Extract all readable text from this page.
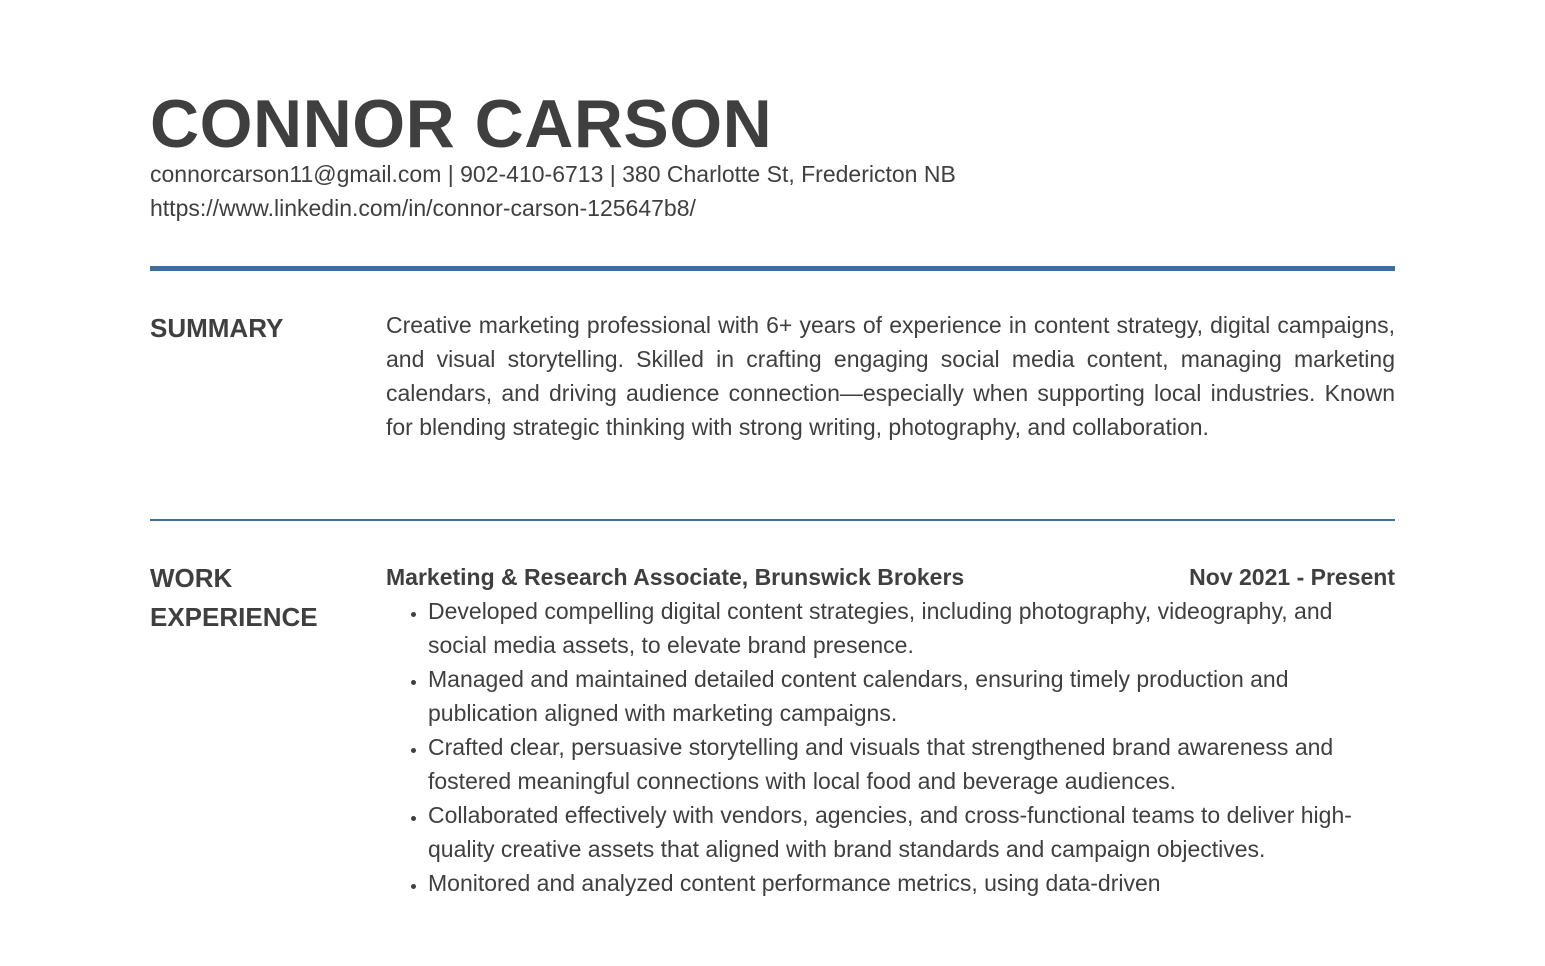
CONNOR CARSON
connorcarson11@gmail.com | 902-410-6713 | 380 Charlotte St, Fredericton NB
https://www.linkedin.com/in/connor-carson-125647b8/
SUMMARY	Creative marketing professional with 6+ years of experience in content strategy, digital campaigns, and visual storytelling. Skilled in crafting engaging social media content, managing marketing calendars, and driving audience connection—especially when supporting local industries. Known for blending strategic thinking with strong writing, photography, and collaboration.

WORK
EXPERIENCE
Marketing & Research Associate, Brunswick Brokers	Nov 2021 - Present
• Developed compelling digital content strategies, including photography, videography, and social media assets, to elevate brand presence.
• Managed and maintained detailed content calendars, ensuring timely production and publication aligned with marketing campaigns.
• Crafted clear, persuasive storytelling and visuals that strengthened brand awareness and fostered meaningful connections with local food and beverage audiences.
• Collaborated effectively with vendors, agencies, and cross-functional teams to deliver high-quality creative assets that aligned with brand standards and campaign objectives.
• Monitored and analyzed content performance metrics, using data-driven
